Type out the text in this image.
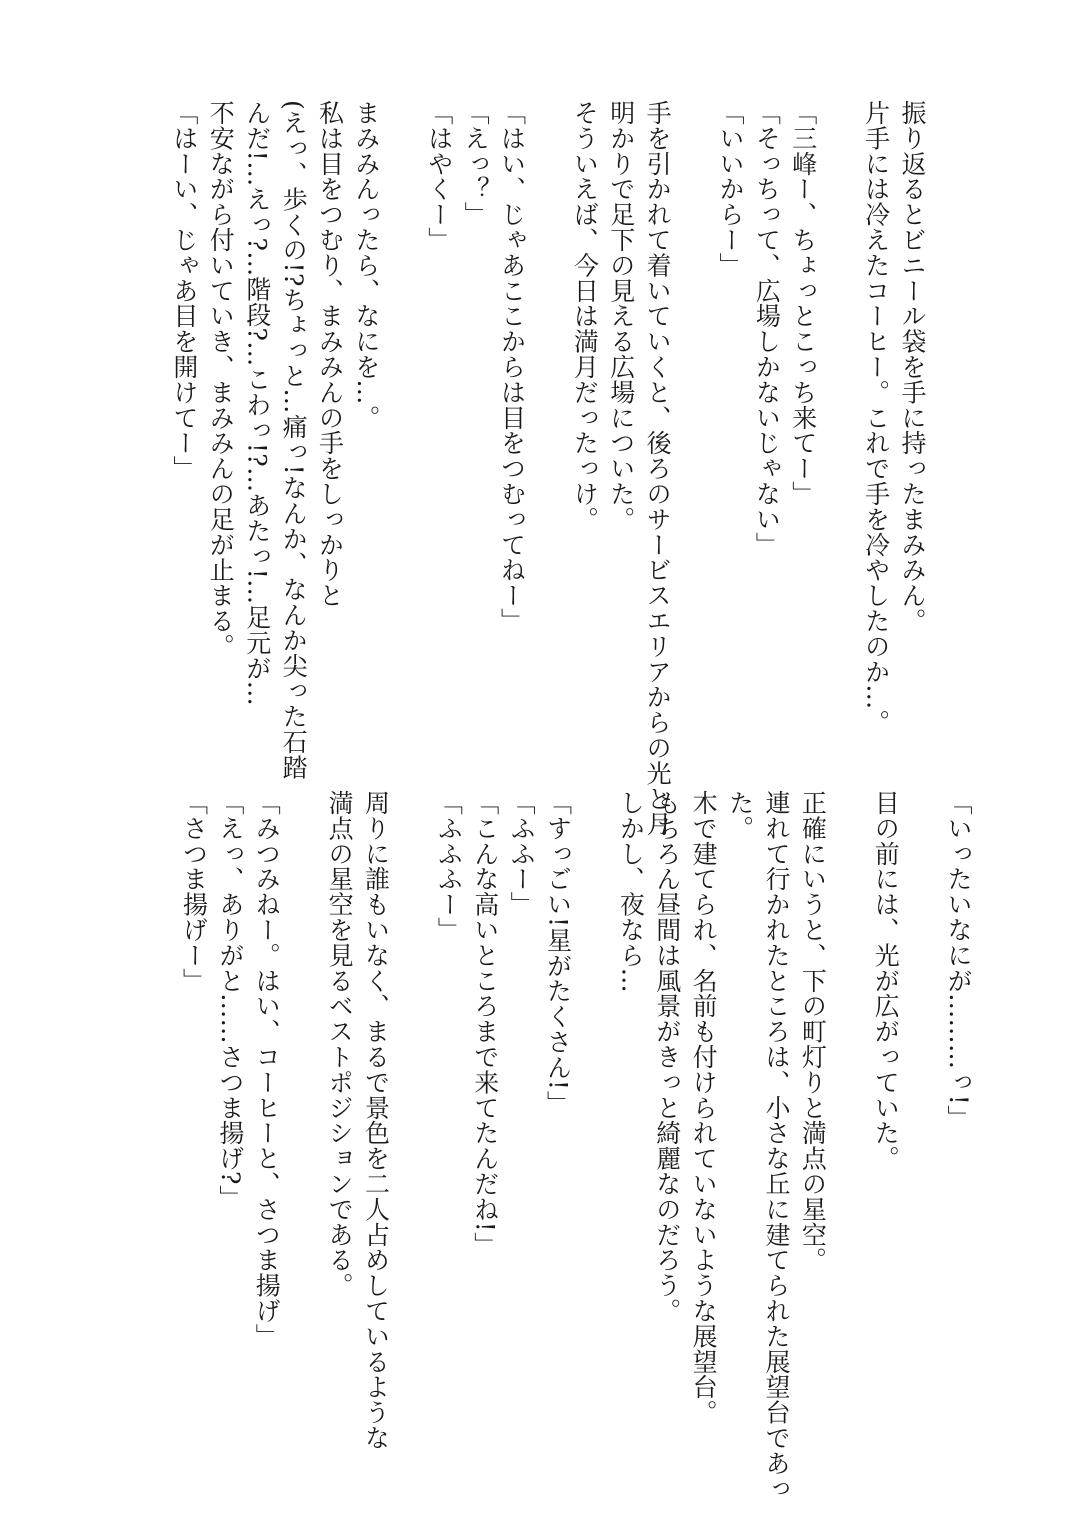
振り返るとビニール袋を手に持ったまみみん。
片手には冷えたコーヒー。これで手を冷やしたのか…。
「三峰ー、ちょっとこっち来てー」
「そっちって、広場しかないじゃない」
「いいからー」
手を引かれて着いていくと、後ろのサービスエリアからの光と月
明かりで足下の見える広場についた。
そういえば、今日は満月だったっけ。
「はい、じゃあここからは目をつむってねー」
「えっ？」
「はやくー」
まみみんったら、なにを…。
私は目をつむり、まみみんの手をしっかりと
(えっ、歩くの!?ちょっと…痛っ!なんか、なんか尖った石踏
んだ!…えっ?…階段?…こわっ!?…あたっ!…足元が…
不安ながら付いていき、まみみんの足が止まる。
「はーい、じゃあ目を開けてー」
「いったいなにが………っ!」
目の前には、光が広がっていた。
正確にいうと、下の町灯りと満点の星空。
連れて行かれたところは、小さな丘に建てられた展望台であっ
た。
木で建てられ、名前も付けられていないような展望台。
もちろん昼間は風景がきっと綺麗なのだろう。
しかし、夜なら…
「すっごい!星がたくさん!」
「ふふー」
「こんな高いところまで来てたんだね!」
「ふふふー」
周りに誰もいなく、まるで景色を二人占めしているような
満点の星空を見るベストポジションである。
「みつみねー。はい、コーヒーと、さつま揚げ」
「えっ、ありがと……さつま揚げ?」
「さつま揚げー」
